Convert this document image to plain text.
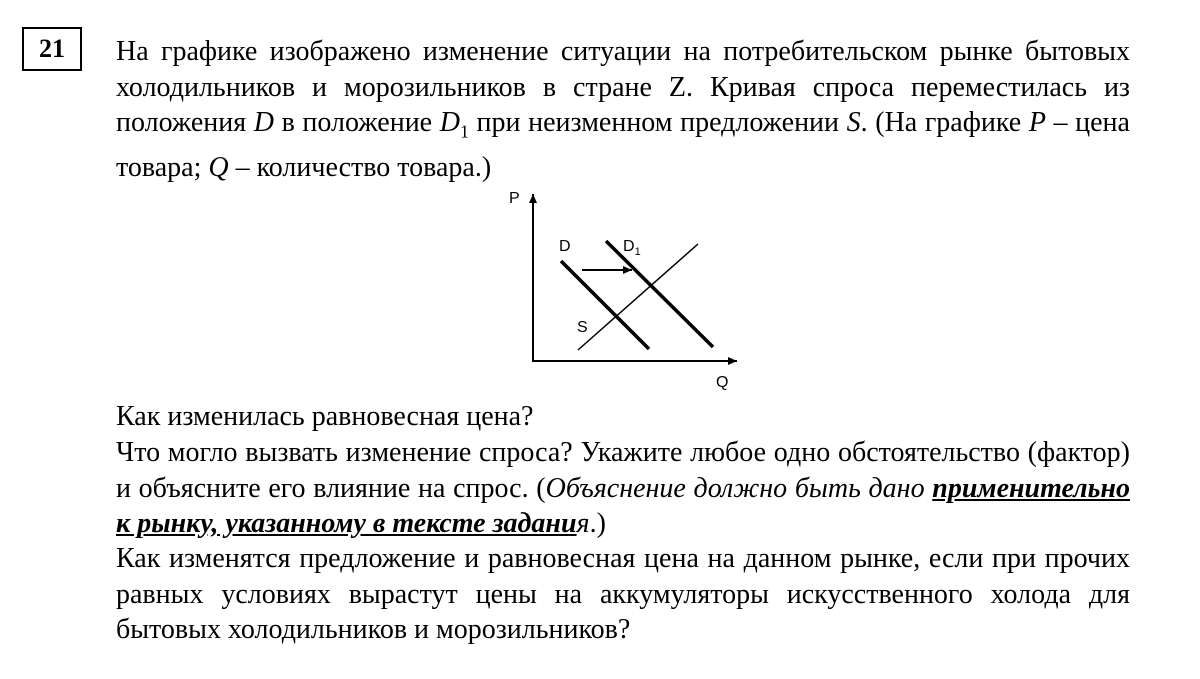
21 На графике изображено изменение ситуации на потребительском рынке бытовых холодильников и морозильников в стране Z. Кривая спроса переместилась из положения D в положение $D_1$ при неизменном предложении S. (На графике P – цена товара; Q – количество товара.)
P
Q
D	$D_1$
S
Как изменилась равновесная цена?
Что могло вызвать изменение спроса? Укажите любое одно обстоятельство (фактор) и объясните его влияние на спрос. (Объяснение должно быть дано применительно к рынку, указанному в тексте задания.)
Как изменятся предложение и равновесная цена на данном рынке, если при прочих равных условиях вырастут цены на аккумуляторы искусственного холода для бытовых холодильников и морозильников?
